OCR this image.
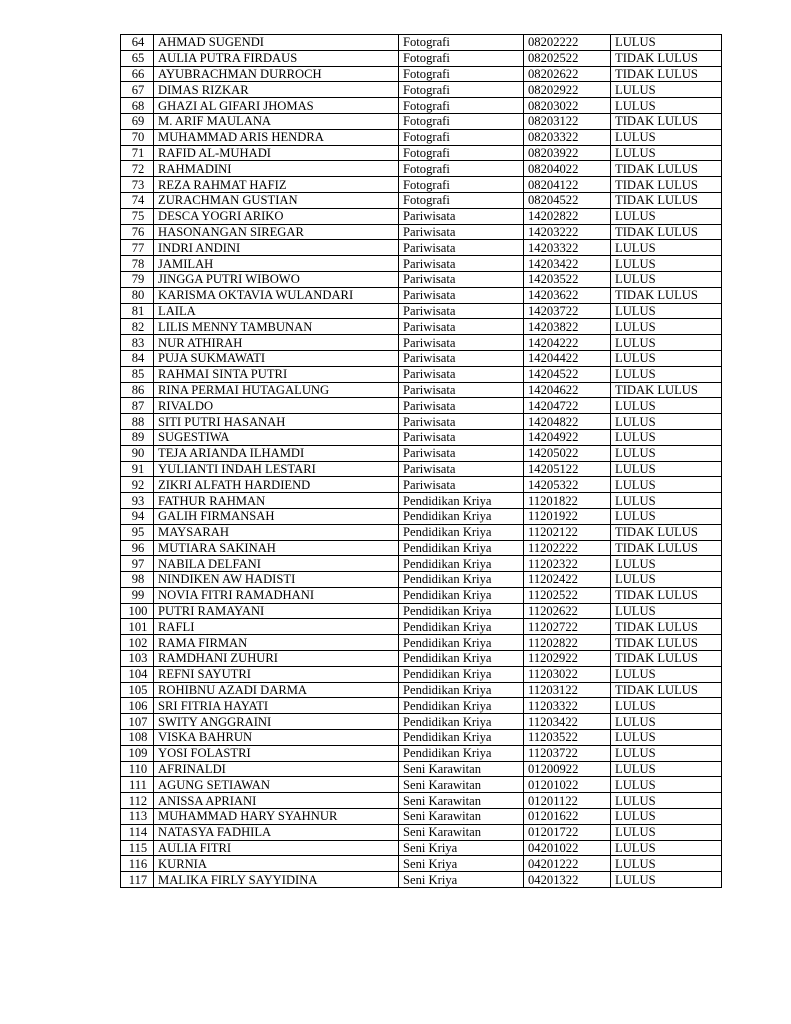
64	AHMAD SUGENDI	Fotografi	08202222	LULUS
65	AULIA PUTRA FIRDAUS	Fotografi	08202522	TIDAK LULUS
66	AYUBRACHMAN DURROCH	Fotografi	08202622	TIDAK LULUS
67	DIMAS RIZKAR	Fotografi	08202922	LULUS
68	GHAZI AL GIFARI JHOMAS	Fotografi	08203022	LULUS
69	M. ARIF MAULANA	Fotografi	08203122	TIDAK LULUS
70	MUHAMMAD ARIS HENDRA	Fotografi	08203322	LULUS
71	RAFID AL-MUHADI	Fotografi	08203922	LULUS
72	RAHMADINI	Fotografi	08204022	TIDAK LULUS
73	REZA RAHMAT HAFIZ	Fotografi	08204122	TIDAK LULUS
74	ZURACHMAN GUSTIAN	Fotografi	08204522	TIDAK LULUS
75	DESCA YOGRI ARIKO	Pariwisata	14202822	LULUS
76	HASONANGAN SIREGAR	Pariwisata	14203222	TIDAK LULUS
77	INDRI ANDINI	Pariwisata	14203322	LULUS
78	JAMILAH	Pariwisata	14203422	LULUS
79	JINGGA PUTRI WIBOWO	Pariwisata	14203522	LULUS
80	KARISMA OKTAVIA WULANDARI	Pariwisata	14203622	TIDAK LULUS
81	LAILA	Pariwisata	14203722	LULUS
82	LILIS MENNY TAMBUNAN	Pariwisata	14203822	LULUS
83	NUR ATHIRAH	Pariwisata	14204222	LULUS
84	PUJA SUKMAWATI	Pariwisata	14204422	LULUS
85	RAHMAI SINTA PUTRI	Pariwisata	14204522	LULUS
86	RINA PERMAI HUTAGALUNG	Pariwisata	14204622	TIDAK LULUS
87	RIVALDO	Pariwisata	14204722	LULUS
88	SITI PUTRI HASANAH	Pariwisata	14204822	LULUS
89	SUGESTIWA	Pariwisata	14204922	LULUS
90	TEJA ARIANDA ILHAMDI	Pariwisata	14205022	LULUS
91	YULIANTI INDAH LESTARI	Pariwisata	14205122	LULUS
92	ZIKRI ALFATH HARDIEND	Pariwisata	14205322	LULUS
93	FATHUR RAHMAN	Pendidikan Kriya	11201822	LULUS
94	GALIH FIRMANSAH	Pendidikan Kriya	11201922	LULUS
95	MAYSARAH	Pendidikan Kriya	11202122	TIDAK LULUS
96	MUTIARA SAKINAH	Pendidikan Kriya	11202222	TIDAK LULUS
97	NABILA DELFANI	Pendidikan Kriya	11202322	LULUS
98	NINDIKEN AW HADISTI	Pendidikan Kriya	11202422	LULUS
99	NOVIA FITRI RAMADHANI	Pendidikan Kriya	11202522	TIDAK LULUS
100	PUTRI RAMAYANI	Pendidikan Kriya	11202622	LULUS
101	RAFLI	Pendidikan Kriya	11202722	TIDAK LULUS
102	RAMA FIRMAN	Pendidikan Kriya	11202822	TIDAK LULUS
103	RAMDHANI ZUHURI	Pendidikan Kriya	11202922	TIDAK LULUS
104	REFNI SAYUTRI	Pendidikan Kriya	11203022	LULUS
105	ROHIBNU AZADI DARMA	Pendidikan Kriya	11203122	TIDAK LULUS
106	SRI FITRIA HAYATI	Pendidikan Kriya	11203322	LULUS
107	SWITY ANGGRAINI	Pendidikan Kriya	11203422	LULUS
108	VISKA BAHRUN	Pendidikan Kriya	11203522	LULUS
109	YOSI FOLASTRI	Pendidikan Kriya	11203722	LULUS
110	AFRINALDI	Seni Karawitan	01200922	LULUS
111	AGUNG SETIAWAN	Seni Karawitan	01201022	LULUS
112	ANISSA APRIANI	Seni Karawitan	01201122	LULUS
113	MUHAMMAD HARY SYAHNUR	Seni Karawitan	01201622	LULUS
114	NATASYA FADHILA	Seni Karawitan	01201722	LULUS
115	AULIA FITRI	Seni Kriya	04201022	LULUS
116	KURNIA	Seni Kriya	04201222	LULUS
117	MALIKA FIRLY SAYYIDINA	Seni Kriya	04201322	LULUS
